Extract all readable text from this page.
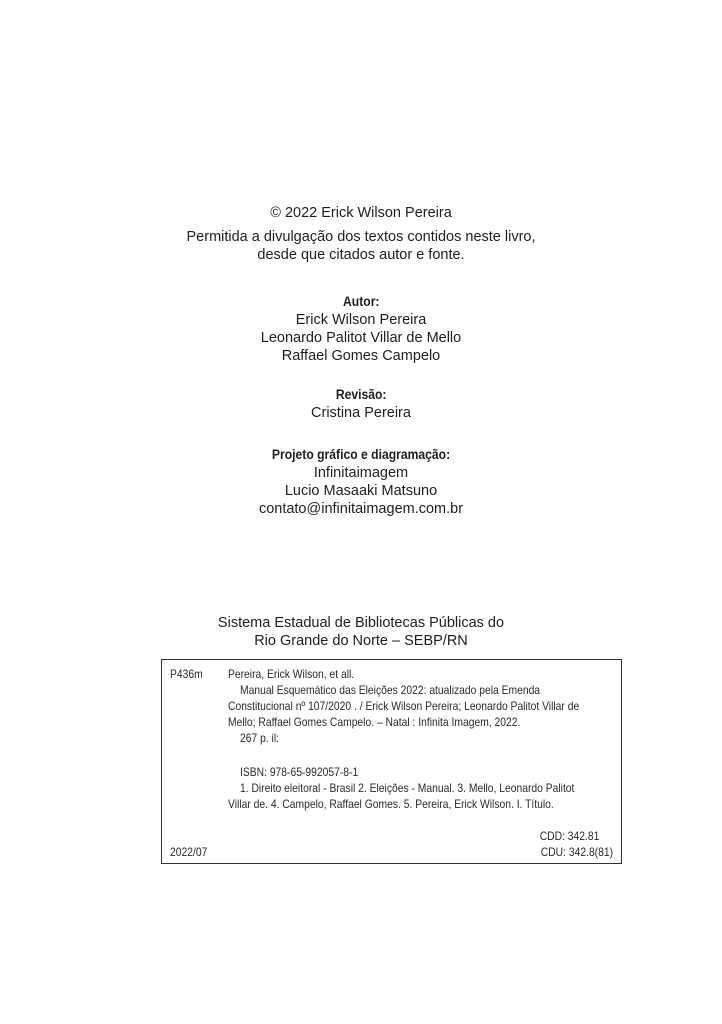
© 2022 Erick Wilson Pereira
Permitida a divulgação dos textos contidos neste livro,
desde que citados autor e fonte.
Autor:
Erick Wilson Pereira
Leonardo Palitot Villar de Mello
Raffael Gomes Campelo
Revisão:
Cristina Pereira
Projeto gráfico e diagramação:
Infinitaimagem
Lucio Masaaki Matsuno
contato@infinitaimagem.com.br
Sistema Estadual de Bibliotecas Públicas do
Rio Grande do Norte – SEBP/RN
P436m Pereira, Erick Wilson, et all.
Manual Esquemático das Eleições 2022: atualizado pela Emenda
Constitucional nº 107/2020 . / Erick Wilson Pereira; Leonardo Palitot Villar de
Mello; Raffael Gomes Campelo. – Natal : Infinita Imagem, 2022.
267 p. il:
ISBN: 978-65-992057-8-1
1. Direito eleitoral - Brasil 2. Eleições - Manual. 3. Mello, Leonardo Palitot
Villar de. 4. Campelo, Raffael Gomes. 5. Pereira, Erick Wilson. I. Título.
CDD: 342.81
2022/07	CDU: 342.8(81)
